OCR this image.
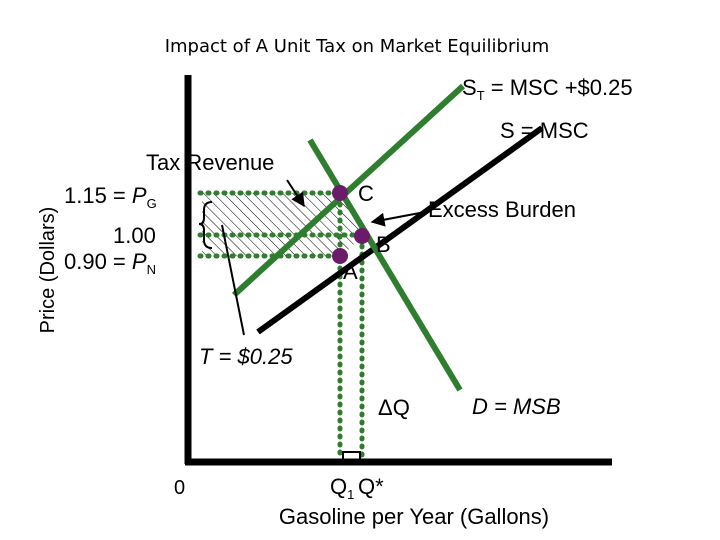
Impact of A Unit Tax on Market Equilibrium
Price (Dollars)
C
B
A
$S_T$ = MSC +$0.25
S = MSC
D = MSB
Tax Revenue
Excess Burden
T = $0.25
ΔQ
$1.15 = P_G$
1.00
$0.90 = P_N$
0	$Q_1$ Q*
Gasoline per Year (Gallons)
